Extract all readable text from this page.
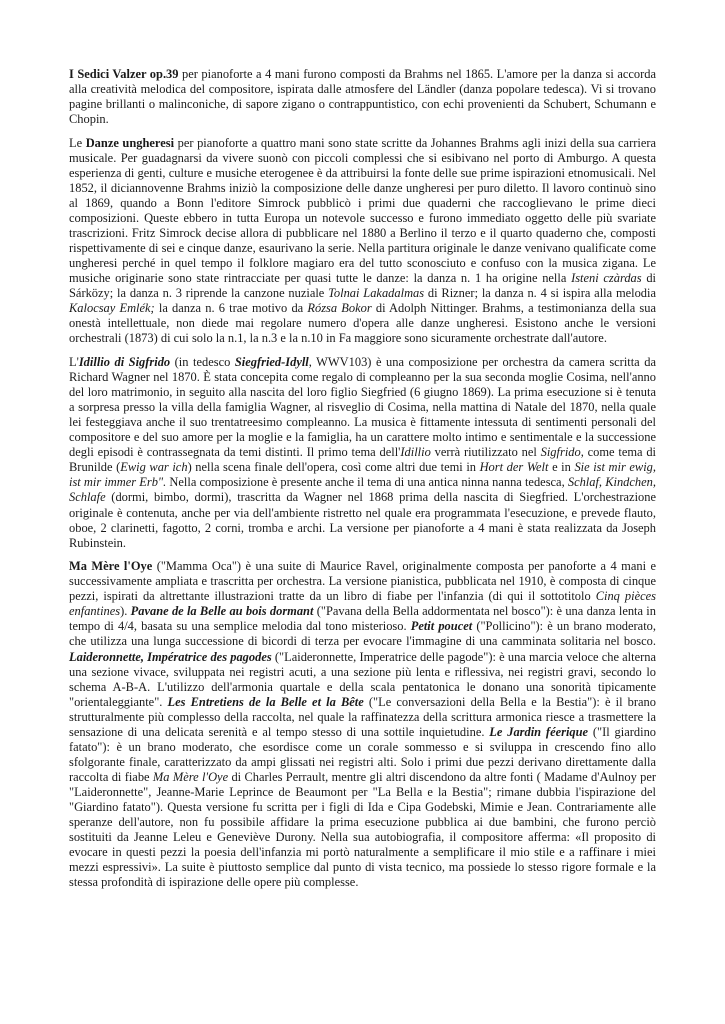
I Sedici Valzer op.39 per pianoforte a 4 mani furono composti da Brahms nel 1865. L'amore per la danza si accorda alla creatività melodica del compositore, ispirata dalle atmosfere del Ländler (danza popolare tedesca). Vi si trovano pagine brillanti o malinconiche, di sapore zigano o contrappuntistico, con echi provenienti da Schubert, Schumann e Chopin.

Le Danze ungheresi per pianoforte a quattro mani sono state scritte da Johannes Brahms agli inizi della sua carriera musicale. Per guadagnarsi da vivere suonò con piccoli complessi che si esibivano nel porto di Amburgo. A questa esperienza di genti, culture e musiche eterogenee è da attribuirsi la fonte delle sue prime ispirazioni etnomusicali. Nel 1852, il diciannovenne Brahms iniziò la composizione delle danze ungheresi per puro diletto. Il lavoro continuò sino al 1869, quando a Bonn l'editore Simrock pubblicò i primi due quaderni che raccoglievano le prime dieci composizioni. Queste ebbero in tutta Europa un notevole successo e furono immediato oggetto delle più svariate trascrizioni. Fritz Simrock decise allora di pubblicare nel 1880 a Berlino il terzo e il quarto quaderno che, composti rispettivamente di sei e cinque danze, esaurivano la serie. Nella partitura originale le danze venivano qualificate come ungheresi perché in quel tempo il folklore magiaro era del tutto sconosciuto e confuso con la musica zigana. Le musiche originarie sono state rintracciate per quasi tutte le danze: la danza n. 1 ha origine nella Isteni czàrdas di Sárközy; la danza n. 3 riprende la canzone nuziale Tolnai Lakadalmas di Rizner; la danza n. 4 si ispira alla melodia Kalocsay Emlék; la danza n. 6 trae motivo da Rózsa Bokor di Adolph Nittinger. Brahms, a testimonianza della sua onestà intellettuale, non diede mai regolare numero d'opera alle danze ungheresi. Esistono anche le versioni orchestrali (1873) di cui solo la n.1, la n.3 e la n.10 in Fa maggiore sono sicuramente orchestrate dall'autore.

L'Idillio di Sigfrido (in tedesco Siegfried-Idyll, WWV103) è una composizione per orchestra da camera scritta da Richard Wagner nel 1870. È stata concepita come regalo di compleanno per la sua seconda moglie Cosima, nell'anno del loro matrimonio, in seguito alla nascita del loro figlio Siegfried (6 giugno 1869). La prima esecuzione si è tenuta a sorpresa presso la villa della famiglia Wagner, al risveglio di Cosima, nella mattina di Natale del 1870, nella quale lei festeggiava anche il suo trentatreesimo compleanno. La musica è fittamente intessuta di sentimenti personali del compositore e del suo amore per la moglie e la famiglia, ha un carattere molto intimo e sentimentale e la successione degli episodi è contrassegnata da temi distinti. Il primo tema dell'Idillio verrà riutilizzato nel Sigfrido, come tema di Brunilde (Ewig war ich) nella scena finale dell'opera, così come altri due temi in Hort der Welt e in Sie ist mir ewig, ist mir immer Erb". Nella composizione è presente anche il tema di una antica ninna nanna tedesca, Schlaf, Kindchen, Schlafe (dormi, bimbo, dormi), trascritta da Wagner nel 1868 prima della nascita di Siegfried. L'orchestrazione originale è contenuta, anche per via dell'ambiente ristretto nel quale era programmata l'esecuzione, e prevede flauto, oboe, 2 clarinetti, fagotto, 2 corni, tromba e archi. La versione per pianoforte a 4 mani è stata realizzata da Joseph Rubinstein.

Ma Mère l'Oye ("Mamma Oca") è una suite di Maurice Ravel, originalmente composta per panoforte a 4 mani e successivamente ampliata e trascritta per orchestra. La versione pianistica, pubblicata nel 1910, è composta di cinque pezzi, ispirati da altrettante illustrazioni tratte da un libro di fiabe per l'infanzia (di qui il sottotitolo Cinq pièces enfantines). Pavane de la Belle au bois dormant ("Pavana della Bella addormentata nel bosco"): è una danza lenta in tempo di 4/4, basata su una semplice melodia dal tono misterioso. Petit poucet ("Pollicino"): è un brano moderato, che utilizza una lunga successione di bicordi di terza per evocare l'immagine di una camminata solitaria nel bosco. Laideronnette, Impératrice des pagodes ("Laideronnette, Imperatrice delle pagode"): è una marcia veloce che alterna una sezione vivace, sviluppata nei registri acuti, a una sezione più lenta e riflessiva, nei registri gravi, secondo lo schema A-B-A. L'utilizzo dell'armonia quartale e della scala pentatonica le donano una sonorità tipicamente "orientaleggiante". Les Entretiens de la Belle et la Bête ("Le conversazioni della Bella e la Bestia"): è il brano strutturalmente più complesso della raccolta, nel quale la raffinatezza della scrittura armonica riesce a trasmettere la sensazione di una delicata serenità e al tempo stesso di una sottile inquietudine. Le Jardin féerique ("Il giardino fatato"): è un brano moderato, che esordisce come un corale sommesso e si sviluppa in crescendo fino allo sfolgorante finale, caratterizzato da ampi glissati nei registri alti. Solo i primi due pezzi derivano direttamente dalla raccolta di fiabe Ma Mère l'Oye di Charles Perrault, mentre gli altri discendono da altre fonti ( Madame d'Aulnoy per "Laideronnette", Jeanne-Marie Leprince de Beaumont per "La Bella e la Bestia"; rimane dubbia l'ispirazione del "Giardino fatato"). Questa versione fu scritta per i figli di Ida e Cipa Godebski, Mimie e Jean. Contrariamente alle speranze dell'autore, non fu possibile affidare la prima esecuzione pubblica ai due bambini, che furono perciò sostituiti da Jeanne Leleu e Geneviève Durony. Nella sua autobiografia, il compositore afferma: «Il proposito di evocare in questi pezzi la poesia dell'infanzia mi portò naturalmente a semplificare il mio stile e a raffinare i miei mezzi espressivi». La suite è piuttosto semplice dal punto di vista tecnico, ma possiede lo stesso rigore formale e la stessa profondità di ispirazione delle opere più complesse.
